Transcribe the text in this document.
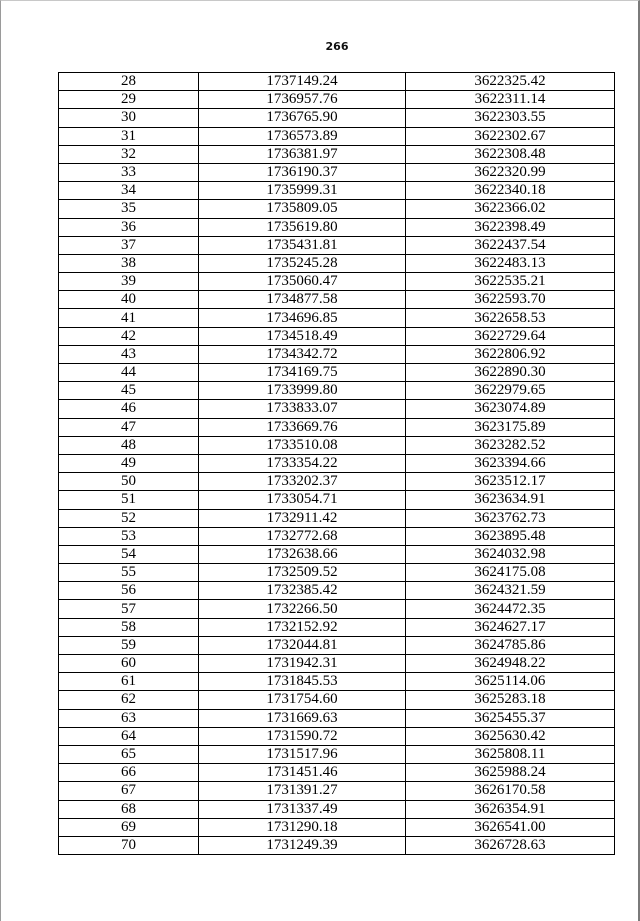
266
28	1737149.24	3622325.42
29	1736957.76	3622311.14
30	1736765.90	3622303.55
31	1736573.89	3622302.67
32	1736381.97	3622308.48
33	1736190.37	3622320.99
34	1735999.31	3622340.18
35	1735809.05	3622366.02
36	1735619.80	3622398.49
37	1735431.81	3622437.54
38	1735245.28	3622483.13
39	1735060.47	3622535.21
40	1734877.58	3622593.70
41	1734696.85	3622658.53
42	1734518.49	3622729.64
43	1734342.72	3622806.92
44	1734169.75	3622890.30
45	1733999.80	3622979.65
46	1733833.07	3623074.89
47	1733669.76	3623175.89
48	1733510.08	3623282.52
49	1733354.22	3623394.66
50	1733202.37	3623512.17
51	1733054.71	3623634.91
52	1732911.42	3623762.73
53	1732772.68	3623895.48
54	1732638.66	3624032.98
55	1732509.52	3624175.08
56	1732385.42	3624321.59
57	1732266.50	3624472.35
58	1732152.92	3624627.17
59	1732044.81	3624785.86
60	1731942.31	3624948.22
61	1731845.53	3625114.06
62	1731754.60	3625283.18
63	1731669.63	3625455.37
64	1731590.72	3625630.42
65	1731517.96	3625808.11
66	1731451.46	3625988.24
67	1731391.27	3626170.58
68	1731337.49	3626354.91
69	1731290.18	3626541.00
70	1731249.39	3626728.63
